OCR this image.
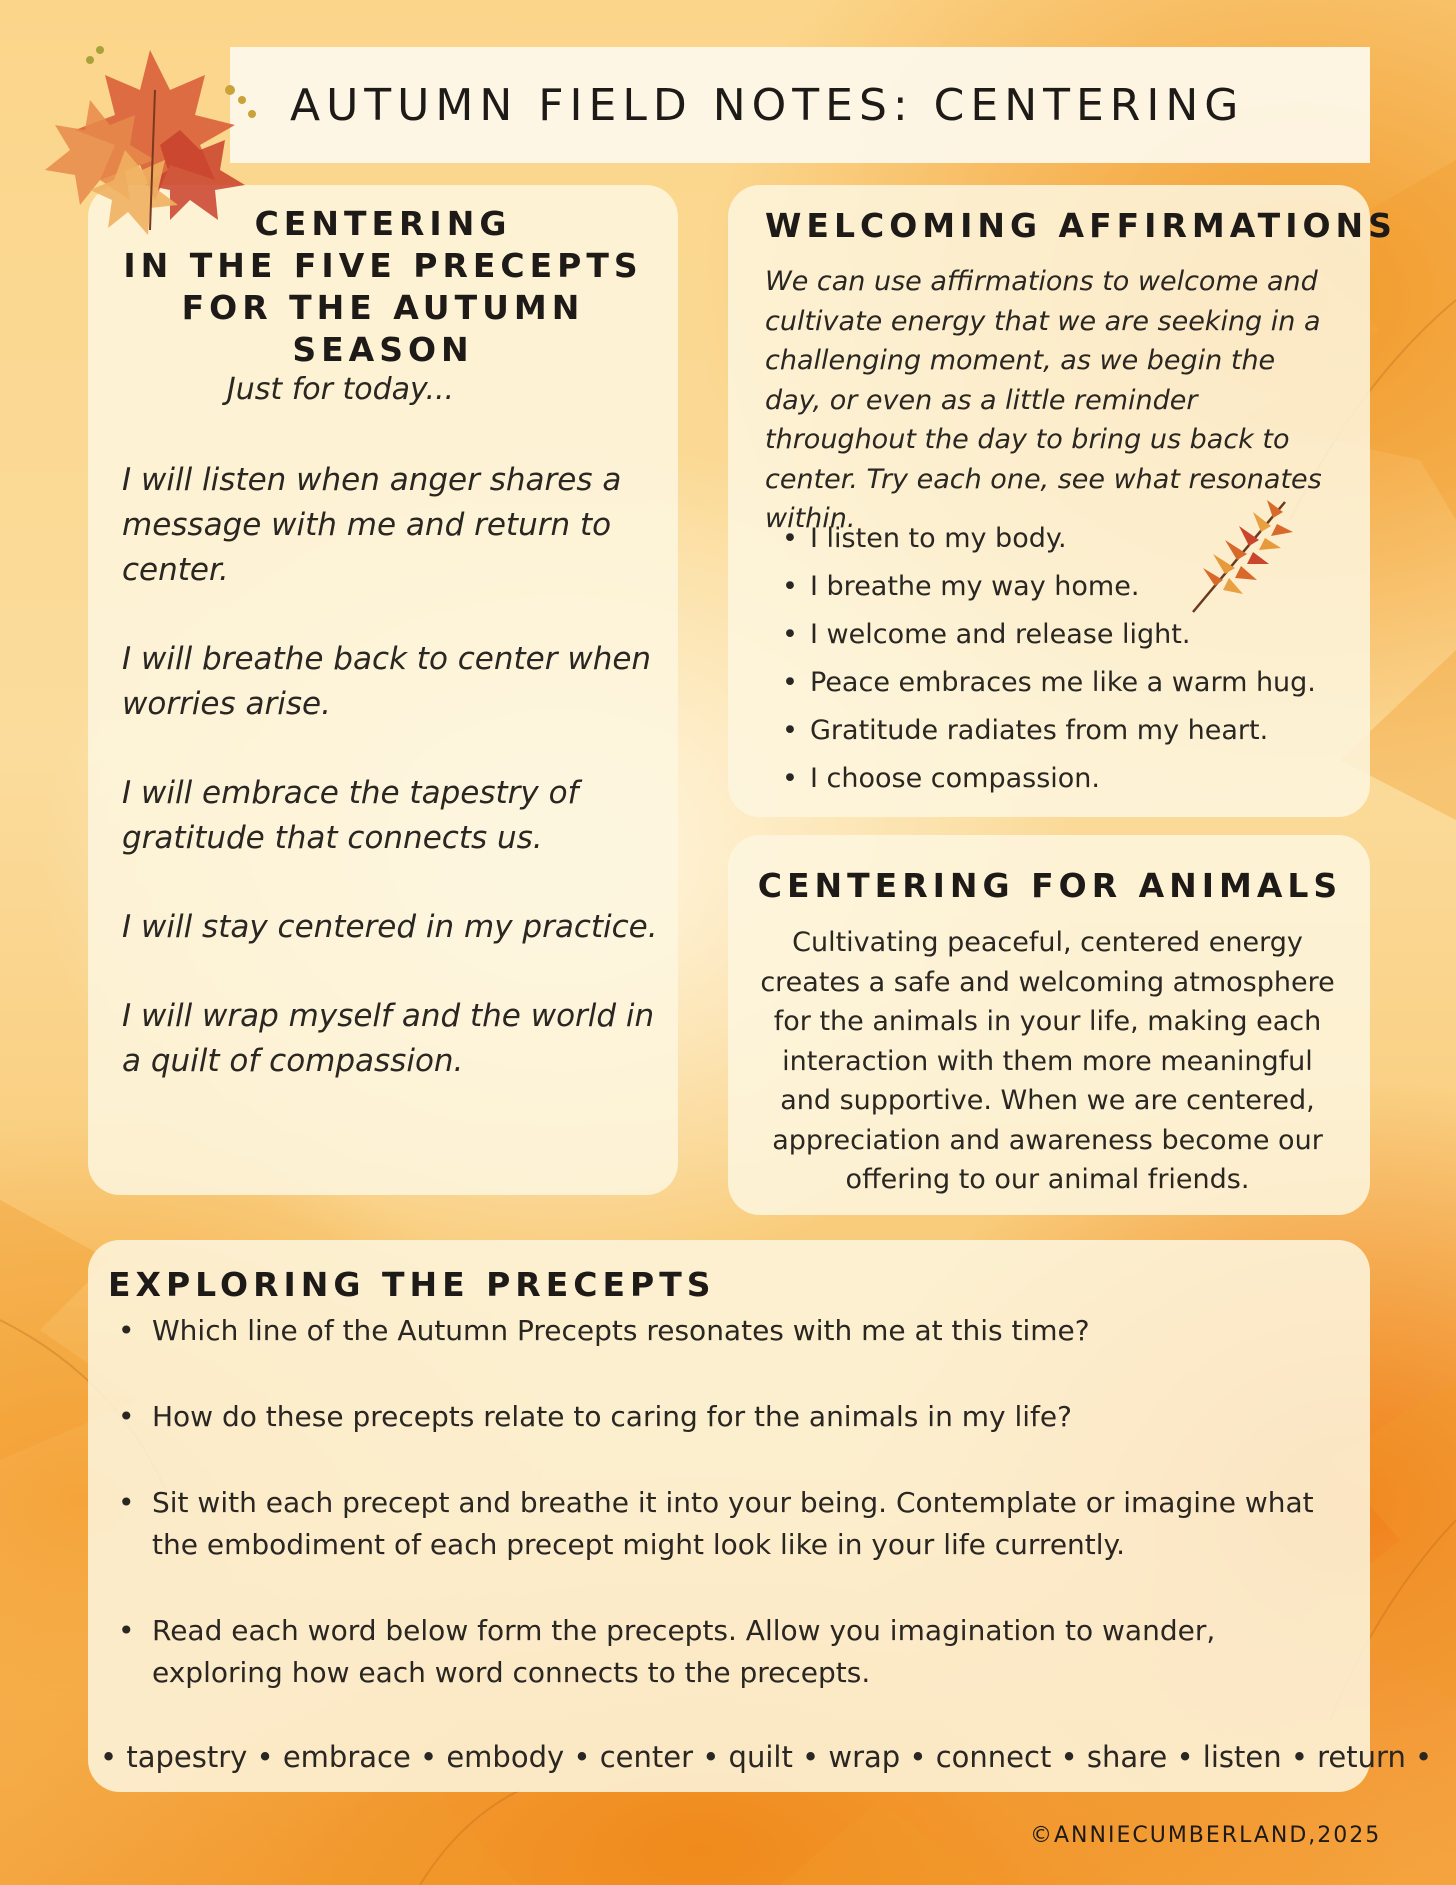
AUTUMN FIELD NOTES: CENTERING
CENTERING
IN THE FIVE PRECEPTS
FOR THE AUTUMN SEASON
Just for today...

I will listen when anger shares a message with me and return to center.

I will breathe back to center when worries arise.

I will embrace the tapestry of gratitude that connects us.

I will stay centered in my practice.

I will wrap myself and the world in a quilt of compassion.

WELCOMING AFFIRMATIONS

We can use affirmations to welcome and cultivate energy that we are seeking in a challenging moment, as we begin the day, or even as a little reminder throughout the day to bring us back to center. Try each one, see what resonates within.

• I listen to my body.
• I breathe my way home.
• I welcome and release light.
• Peace embraces me like a warm hug.
• Gratitude radiates from my heart.
• I choose compassion.
CENTERING FOR ANIMALS

Cultivating peaceful, centered energy creates a safe and welcoming atmosphere for the animals in your life, making each interaction with them more meaningful and supportive. When we are centered, appreciation and awareness become our offering to our animal friends.

EXPLORING THE PRECEPTS
• Which line of the Autumn Precepts resonates with me at this time?
• How do these precepts relate to caring for the animals in my life?
• Sit with each precept and breathe it into your being. Contemplate or imagine what the embodiment of each precept might look like in your life currently.
• Read each word below form the precepts. Allow you imagination to wander, exploring how each word connects to the precepts.
• tapestry • embrace • embody • center • quilt • wrap • connect • share • listen • return •
©ANNIECUMBERLAND,2025
